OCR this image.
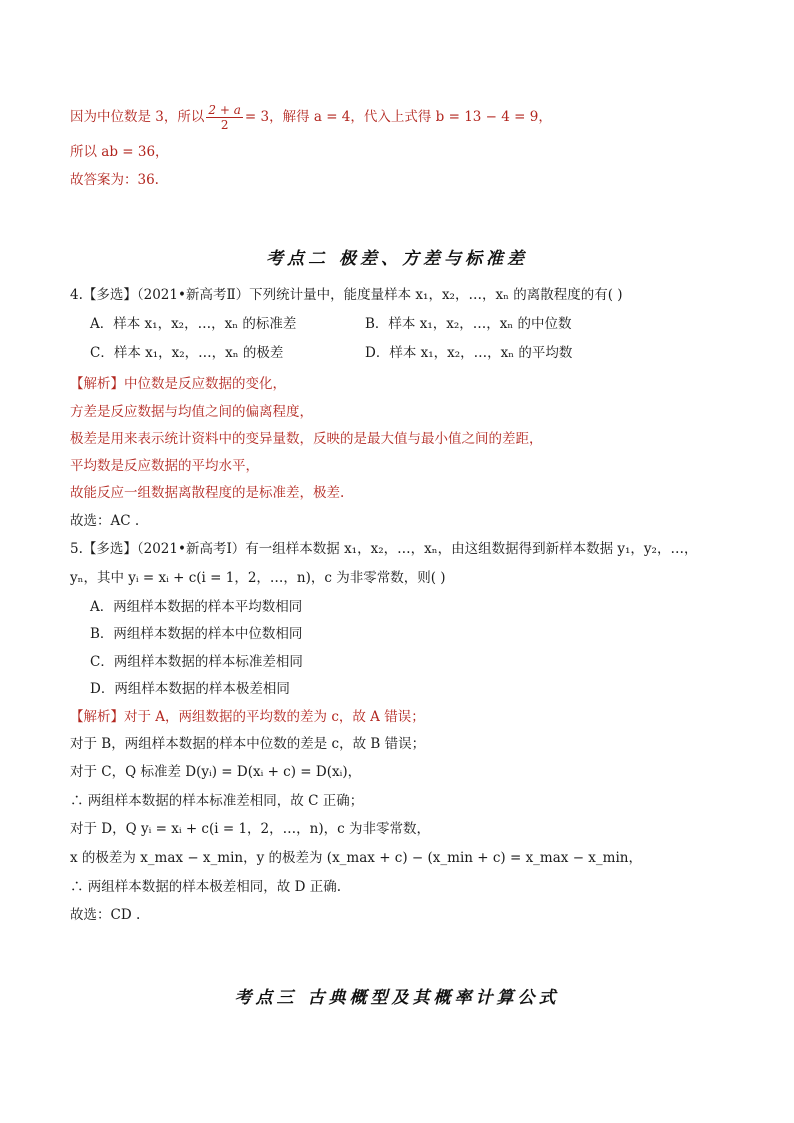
因为中位数是 3，所以 $\frac{2 + a}{2} = 3$，解得 a = 4，代入上式得 b = 13 − 4 = 9，
所以 ab = 36，
故答案为：36.
考点二 极差、方差与标准差
4.【多选】（2021•新高考Ⅱ）下列统计量中，能度量样本 x₁，x₂，…，xₙ 的离散程度的有( )
A．样本 x₁，x₂，…，xₙ 的标准差	B．样本 x₁，x₂，…，xₙ 的中位数
C．样本 x₁，x₂，…，xₙ 的极差	D．样本 x₁，x₂，…，xₙ 的平均数
【解析】中位数是反应数据的变化，
方差是反应数据与均值之间的偏离程度，
极差是用来表示统计资料中的变异量数，反映的是最大值与最小值之间的差距，
平均数是反应数据的平均水平，
故能反应一组数据离散程度的是标准差，极差.
故选：AC .
5.【多选】（2021•新高考Ⅰ）有一组样本数据 x₁，x₂，…，xₙ，由这组数据得到新样本数据 y₁，y₂，…，
yₙ，其中 yᵢ = xᵢ + c(i = 1，2，…，n)，c 为非零常数，则( )
A．两组样本数据的样本平均数相同
B．两组样本数据的样本中位数相同
C．两组样本数据的样本标准差相同
D．两组样本数据的样本极差相同
【解析】对于 A，两组数据的平均数的差为 c，故 A 错误；
对于 B，两组样本数据的样本中位数的差是 c，故 B 错误；
对于 C，Q 标准差 D(yᵢ) = D(xᵢ + c) = D(xᵢ)，
∴ 两组样本数据的样本标准差相同，故 C 正确；
对于 D，Q yᵢ = xᵢ + c(i = 1，2，…，n)，c 为非零常数，
x 的极差为 x_max − x_min，y 的极差为 (x_max + c) − (x_min + c) = x_max − x_min，
∴ 两组样本数据的样本极差相同，故 D 正确.
故选：CD .
考点三 古典概型及其概率计算公式
